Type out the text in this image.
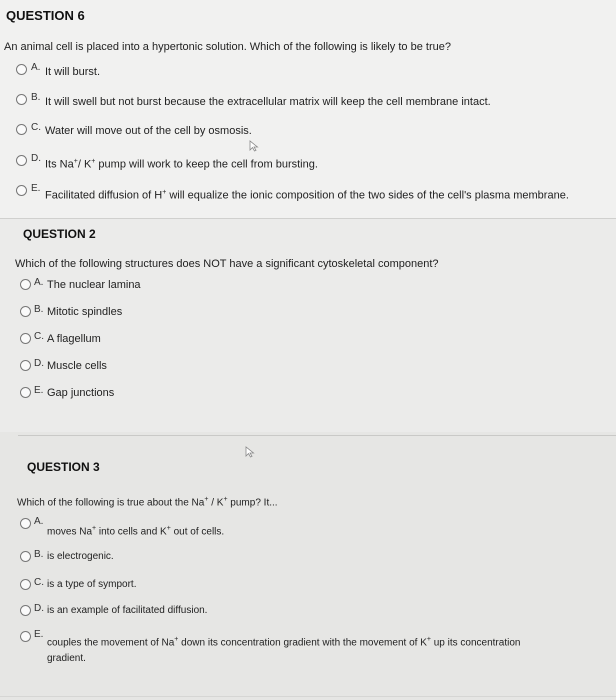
QUESTION 6
An animal cell is placed into a hypertonic solution. Which of the following is likely to be true?
A. It will burst.
B. It will swell but not burst because the extracellular matrix will keep the cell membrane intact.
C. Water will move out of the cell by osmosis.
D.
Its Na+/ K+ pump will work to keep the cell from bursting.
E.
Facilitated diffusion of H+ will equalize the ionic composition of the two sides of the cell's plasma membrane.
QUESTION 2
Which of the following structures does NOT have a significant cytoskeletal component?
A. The nuclear lamina
B. Mitotic spindles
C. A flagellum
D. Muscle cells
E. Gap junctions
QUESTION 3
Which of the following is true about the Na+ / K+ pump? It...
A.
moves Na+ into cells and K+ out of cells.
B. is electrogenic.
C. is a type of symport.
D. is an example of facilitated diffusion.
E.
couples the movement of Na+ down its concentration gradient with the movement of K+ up its concentration
gradient.
